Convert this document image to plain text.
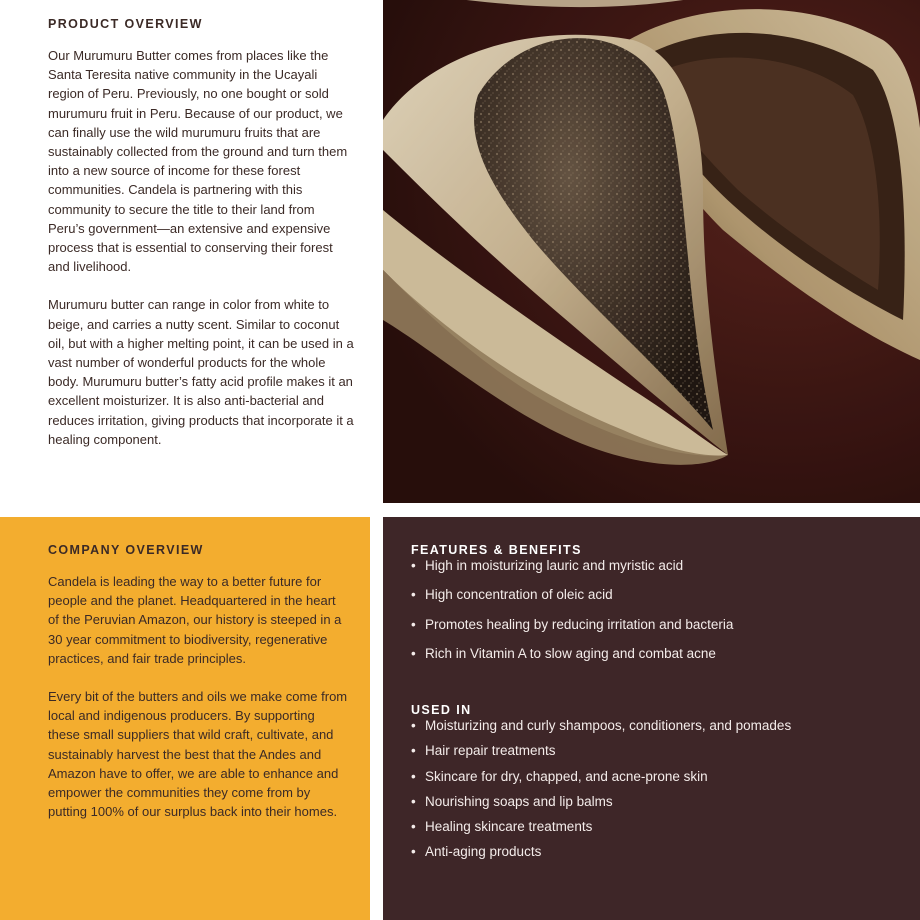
PRODUCT OVERVIEW

Our Murumuru Butter comes from places like the Santa Teresita native community in the Ucayali region of Peru. Previously, no one bought or sold murumuru fruit in Peru. Because of our product, we can finally use the wild murumuru fruits that are sustainably collected from the ground and turn them into a new source of income for these forest communities. Candela is partnering with this community to secure the title to their land from Peru’s government—an extensive and expensive process that is essential to conserving their forest and livelihood.

Murumuru butter can range in color from white to beige, and carries a nutty scent. Similar to coconut oil, but with a higher melting point, it can be used in a vast number of wonderful products for the whole body. Murumuru butter’s fatty acid profile makes it an excellent moisturizer. It is also anti-bacterial and reduces irritation, giving products that incorporate it a healing component.

COMPANY OVERVIEW

Candela is leading the way to a better future for people and the planet. Headquartered in the heart of the Peruvian Amazon, our history is steeped in a 30 year commitment to biodiversity, regenerative practices, and fair trade principles.

Every bit of the butters and oils we make come from local and indigenous producers. By supporting these small suppliers that wild craft, cultivate, and sustainably harvest the best that the Andes and Amazon have to offer, we are able to enhance and empower the communities they come from by putting 100% of our surplus back into their homes.

FEATURES & BENEFITS
• High in moisturizing lauric and myristic acid
• High concentration of oleic acid
• Promotes healing by reducing irritation and bacteria
• Rich in Vitamin A to slow aging and combat acne
USED IN
• Moisturizing and curly shampoos, conditioners, and pomades
• Hair repair treatments
• Skincare for dry, chapped, and acne-prone skin
• Nourishing soaps and lip balms
• Healing skincare treatments
• Anti-aging products
